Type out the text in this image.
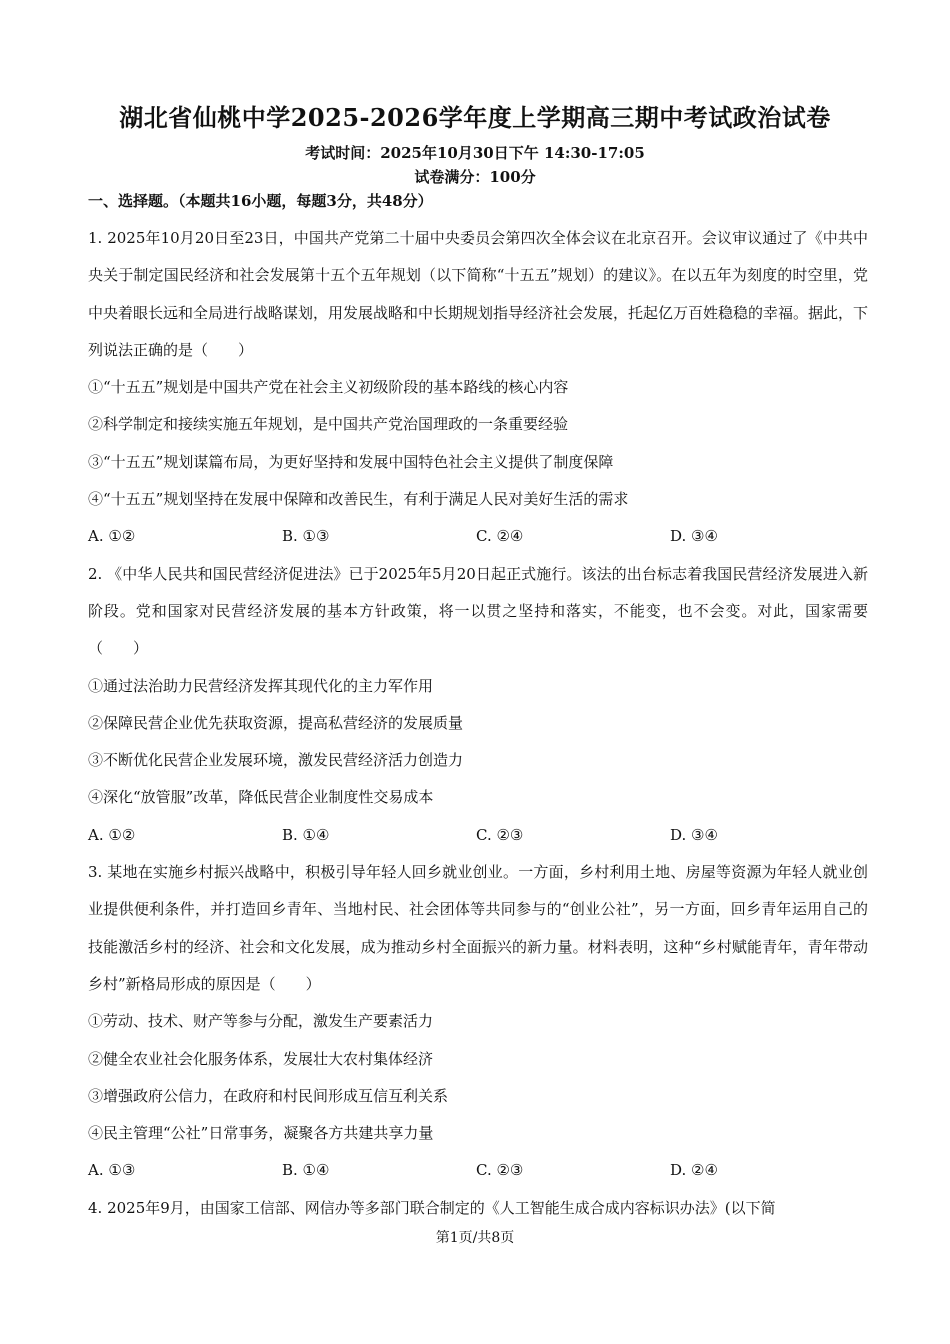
湖北省仙桃中学2025-2026学年度上学期高三期中考试政治试卷
考试时间：2025年10月30日下午 14:30-17:05
试卷满分：100分
一、选择题。（本题共16小题，每题3分，共48分）

1. 2025年10月20日至23日，中国共产党第二十届中央委员会第四次全体会议在北京召开。会议审议通过了《中共中央关于制定国民经济和社会发展第十五个五年规划（以下简称“十五五”规划）的建议》。在以五年为刻度的时空里，党中央着眼长远和全局进行战略谋划，用发展战略和中长期规划指导经济社会发展，托起亿万百姓稳稳的幸福。据此，下列说法正确的是（　　）

①“十五五”规划是中国共产党在社会主义初级阶段的基本路线的核心内容

②科学制定和接续实施五年规划，是中国共产党治国理政的一条重要经验

③“十五五”规划谋篇布局，为更好坚持和发展中国特色社会主义提供了制度保障

④“十五五”规划坚持在发展中保障和改善民生，有利于满足人民对美好生活的需求

A. ①②	B. ①③	C. ②④	D. ③④

2. 《中华人民共和国民营经济促进法》已于2025年5月20日起正式施行。该法的出台标志着我国民营经济发展进入新阶段。党和国家对民营经济发展的基本方针政策，将一以贯之坚持和落实，不能变，也不会变。对此，国家需要（　　）

①通过法治助力民营经济发挥其现代化的主力军作用

②保障民营企业优先获取资源，提高私营经济的发展质量

③不断优化民营企业发展环境，激发民营经济活力创造力

④深化“放管服”改革，降低民营企业制度性交易成本

A. ①②	B. ①④	C. ②③	D. ③④

3. 某地在实施乡村振兴战略中，积极引导年轻人回乡就业创业。一方面，乡村利用土地、房屋等资源为年轻人就业创业提供便利条件，并打造回乡青年、当地村民、社会团体等共同参与的“创业公社”，另一方面，回乡青年运用自己的技能激活乡村的经济、社会和文化发展，成为推动乡村全面振兴的新力量。材料表明，这种“乡村赋能青年，青年带动乡村”新格局形成的原因是（　　）

①劳动、技术、财产等参与分配，激发生产要素活力

②健全农业社会化服务体系，发展壮大农村集体经济

③增强政府公信力，在政府和村民间形成互信互利关系

④民主管理“公社”日常事务，凝聚各方共建共享力量

A. ①③	B. ①④	C. ②③	D. ②④

4. 2025年9月，由国家工信部、网信办等多部门联合制定的《人工智能生成合成内容标识办法》(以下简

第1页/共8页
